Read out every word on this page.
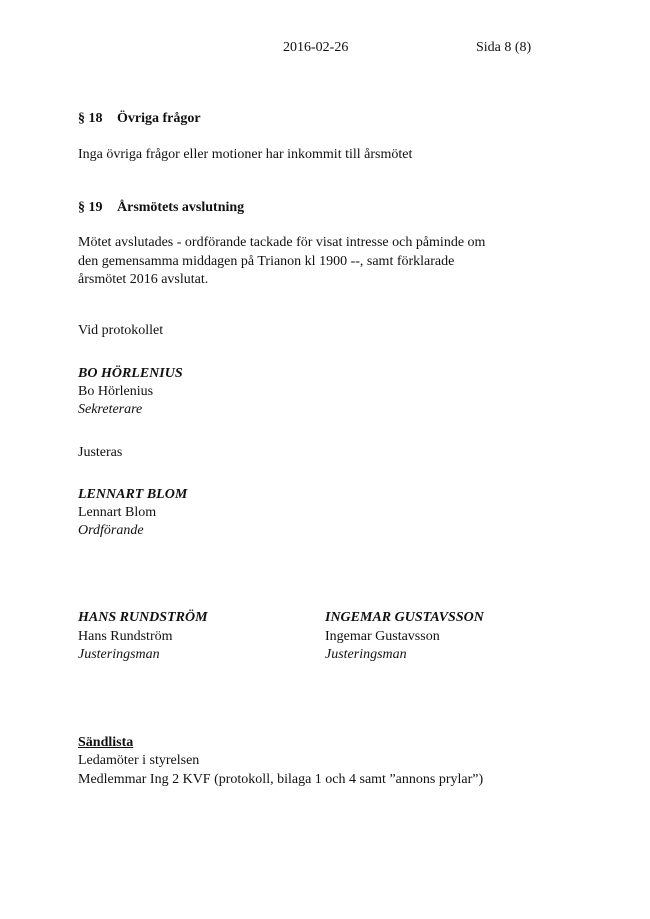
2016-02-26	Sida 8 (8)
§ 18 Övriga frågor
Inga övriga frågor eller motioner har inkommit till årsmötet
§ 19 Årsmötets avslutning
Mötet avslutades - ordförande tackade för visat intresse och påminde om
den gemensamma middagen på Trianon kl 1900 --, samt förklarade
årsmötet 2016 avslutat.
Vid protokollet
BO HÖRLENIUS
Bo Hörlenius
Sekreterare
Justeras
LENNART BLOM
Lennart Blom
Ordförande
HANS RUNDSTRÖM
Hans Rundström
Justeringsman
INGEMAR GUSTAVSSON
Ingemar Gustavsson
Justeringsman
Sändlista
Ledamöter i styrelsen
Medlemmar Ing 2 KVF (protokoll, bilaga 1 och 4 samt ”annons prylar”)
